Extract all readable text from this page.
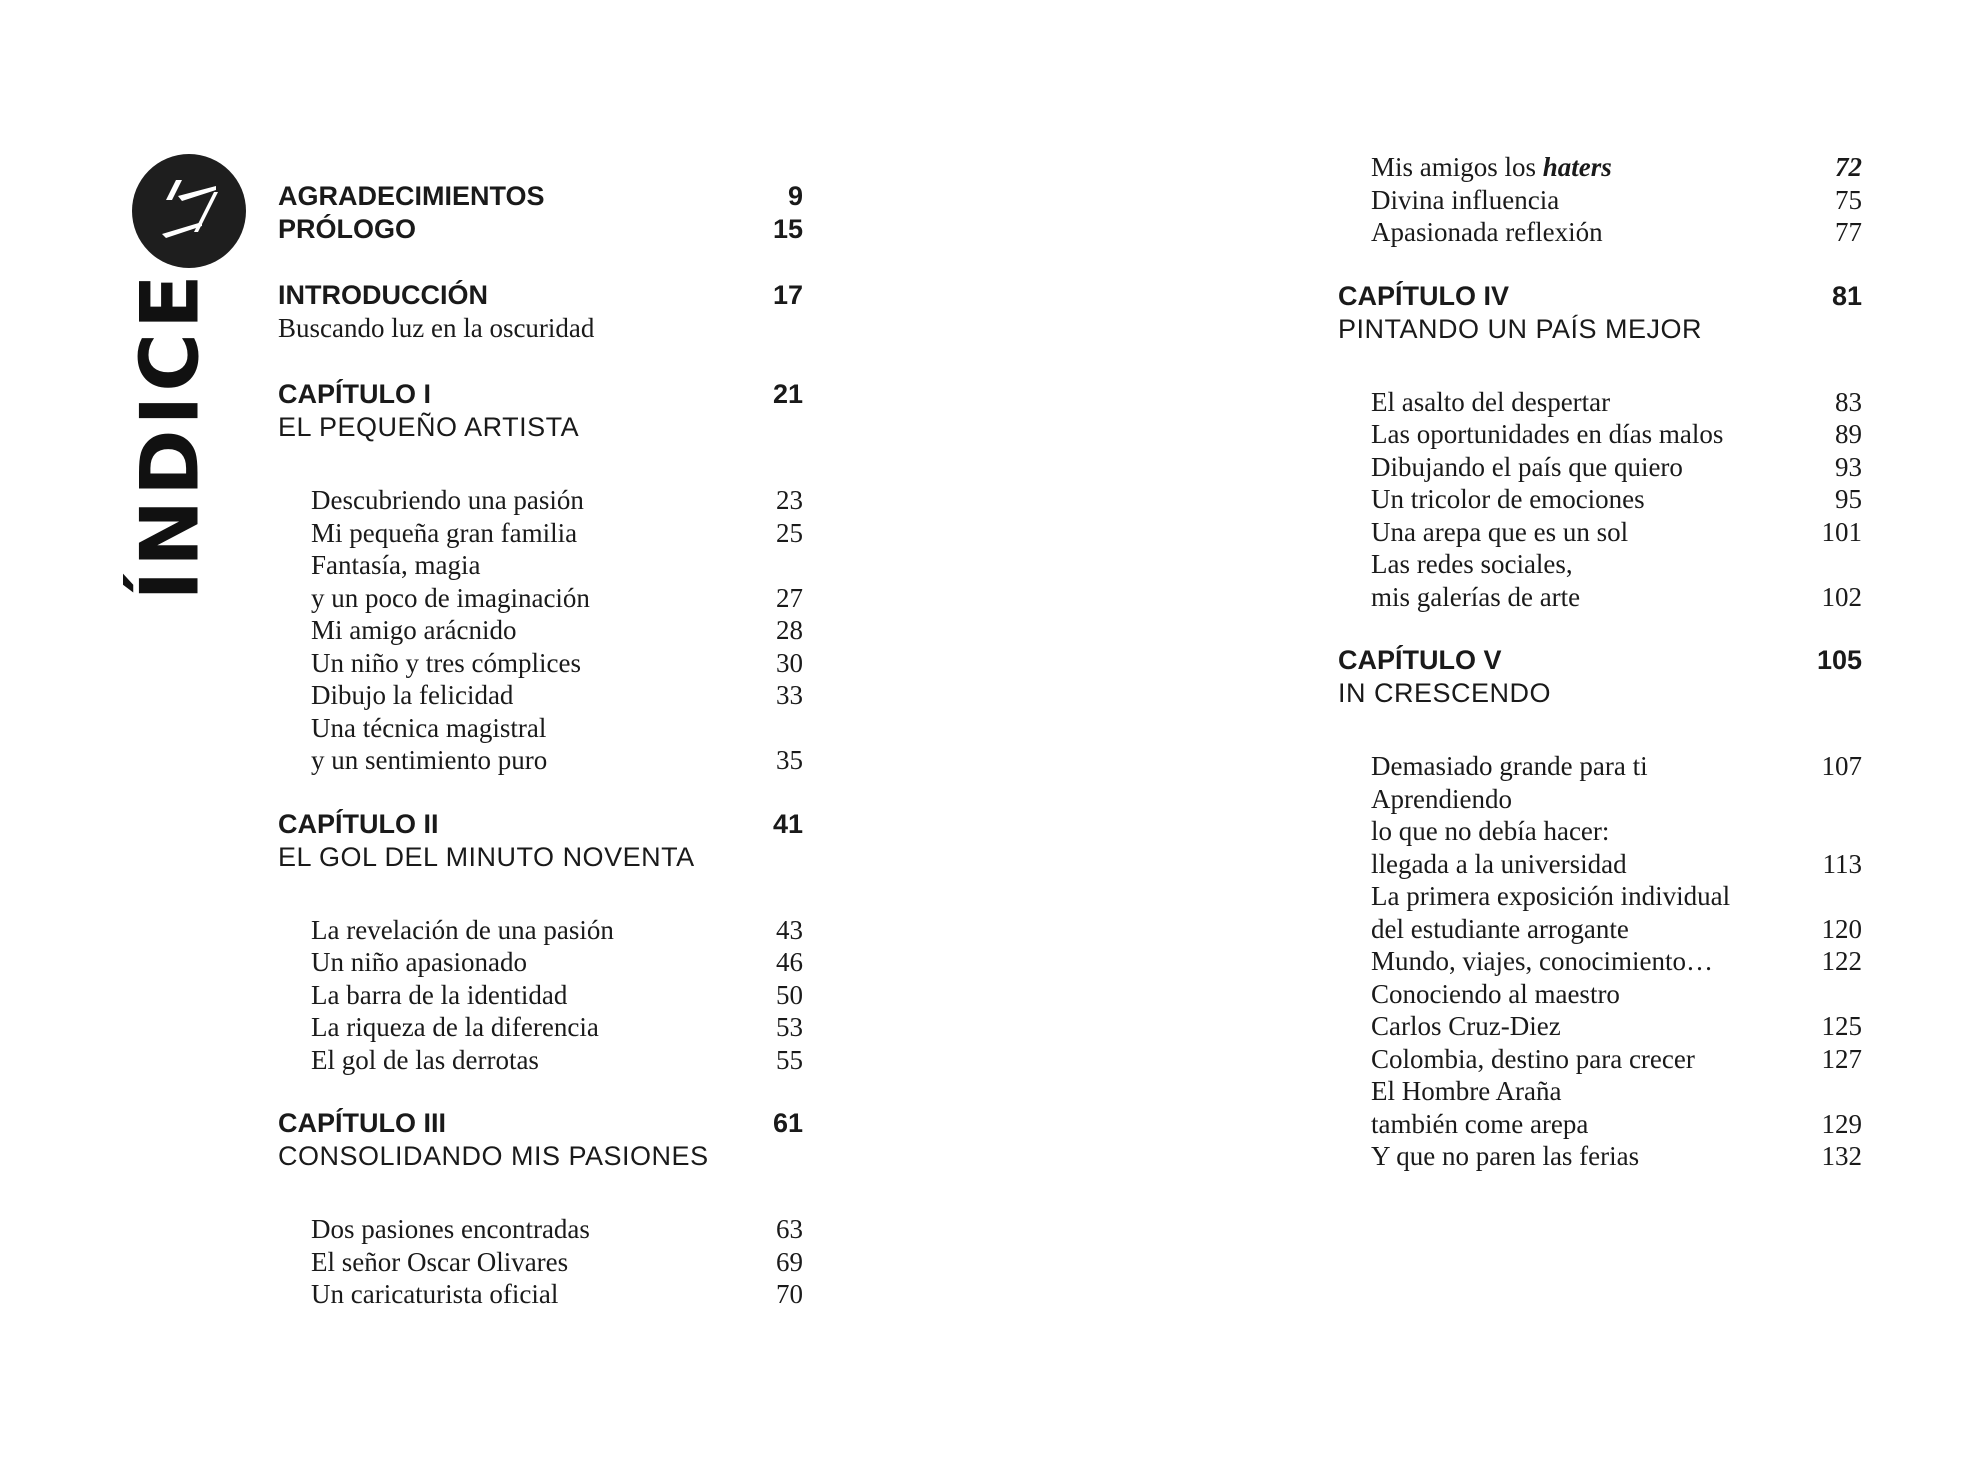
ÍNDICE
AGRADECIMIENTOS	9
PRÓLOGO	15
INTRODUCCIÓN	17
Buscando luz en la oscuridad
CAPÍTULO I	21
EL PEQUEÑO ARTISTA
Descubriendo una pasión	23
Mi pequeña gran familia	25
Fantasía, magia
y un poco de imaginación	27
Mi amigo arácnido	28
Un niño y tres cómplices	30
Dibujo la felicidad	33
Una técnica magistral
y un sentimiento puro	35
CAPÍTULO II	41
EL GOL DEL MINUTO NOVENTA
La revelación de una pasión	43
Un niño apasionado	46
La barra de la identidad	50
La riqueza de la diferencia	53
El gol de las derrotas	55
CAPÍTULO III	61
CONSOLIDANDO MIS PASIONES
Dos pasiones encontradas	63
El señor Oscar Olivares	69
Un caricaturista oficial	70
Mis amigos los haters	72
Divina influencia	75
Apasionada reflexión	77
CAPÍTULO IV	81
PINTANDO UN PAÍS MEJOR
El asalto del despertar	83
Las oportunidades en días malos	89
Dibujando el país que quiero	93
Un tricolor de emociones	95
Una arepa que es un sol	101
Las redes sociales,
mis galerías de arte	102
CAPÍTULO V	105
IN CRESCENDO
Demasiado grande para ti	107
Aprendiendo
lo que no debía hacer:
llegada a la universidad	113
La primera exposición individual
del estudiante arrogante	120
Mundo, viajes, conocimiento…	122
Conociendo al maestro
Carlos Cruz-Diez	125
Colombia, destino para crecer	127
El Hombre Araña
también come arepa	129
Y que no paren las ferias	132
